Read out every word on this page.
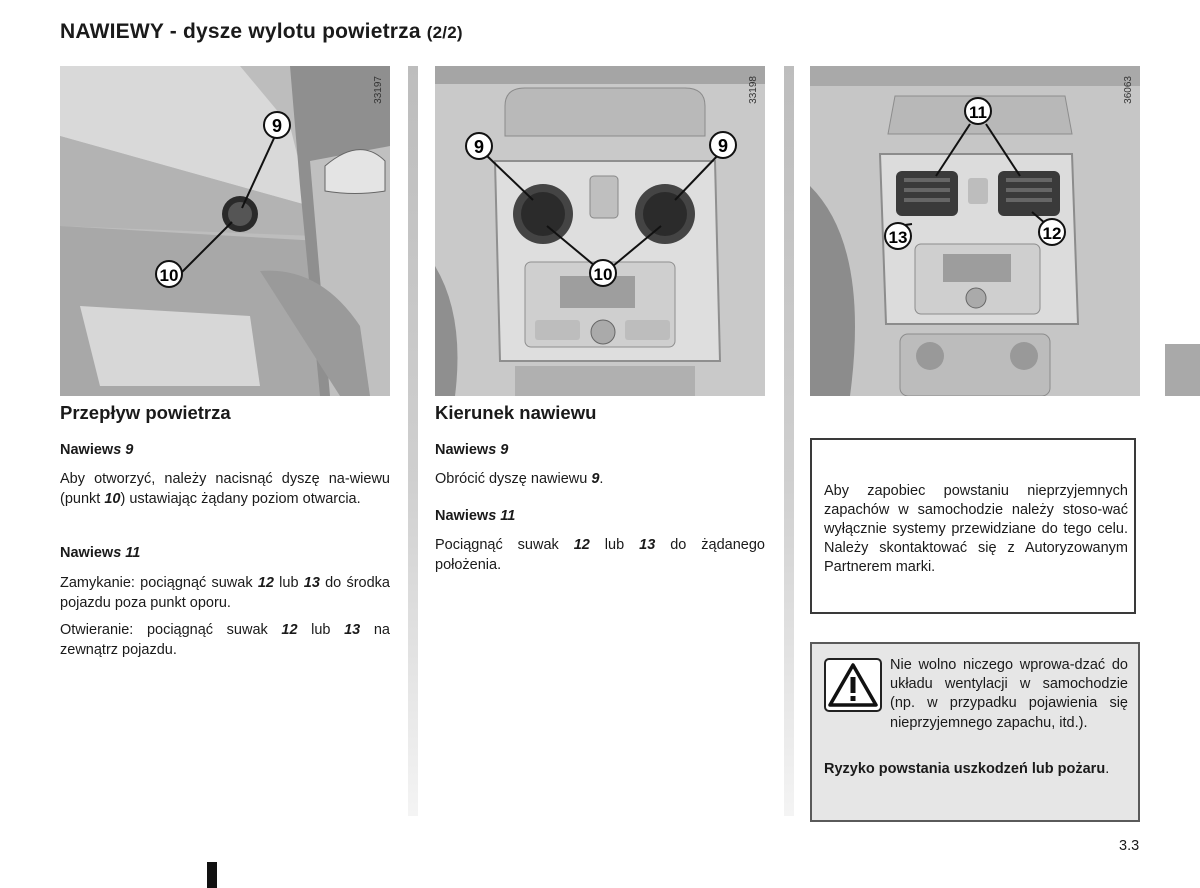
NAWIEWY - dysze wylotu powietrza (2/2)
33197
9
10
33198
9	9
10
36063
11
13	12
Przepływ powietrza
Nawiews 9
Aby otworzyć, należy nacisnąć dyszę na-wiewu (punkt 10) ustawiając żądany poziom otwarcia.
Nawiews 11
Zamykanie: pociągnąć suwak 12 lub 13 do środka pojazdu poza punkt oporu.
Otwieranie: pociągnąć suwak 12 lub 13 na zewnątrz pojazdu.
Kierunek nawiewu
Nawiews 9
Obrócić dyszę nawiewu 9.
Nawiews 11
Pociągnąć suwak 12 lub 13 do żądanego położenia.
Aby zapobiec powstaniu nieprzyjemnych zapachów w samochodzie należy stoso-wać wyłącznie systemy przewidziane do tego celu. Należy skontaktować się z Autoryzowanym Partnerem marki.
Nie wolno niczego wprowa-dzać do układu wentylacji w samochodzie (np. w przypadku pojawienia się nieprzyjemnego zapachu, itd.).
Ryzyko powstania uszkodzeń lub pożaru.
3.3
